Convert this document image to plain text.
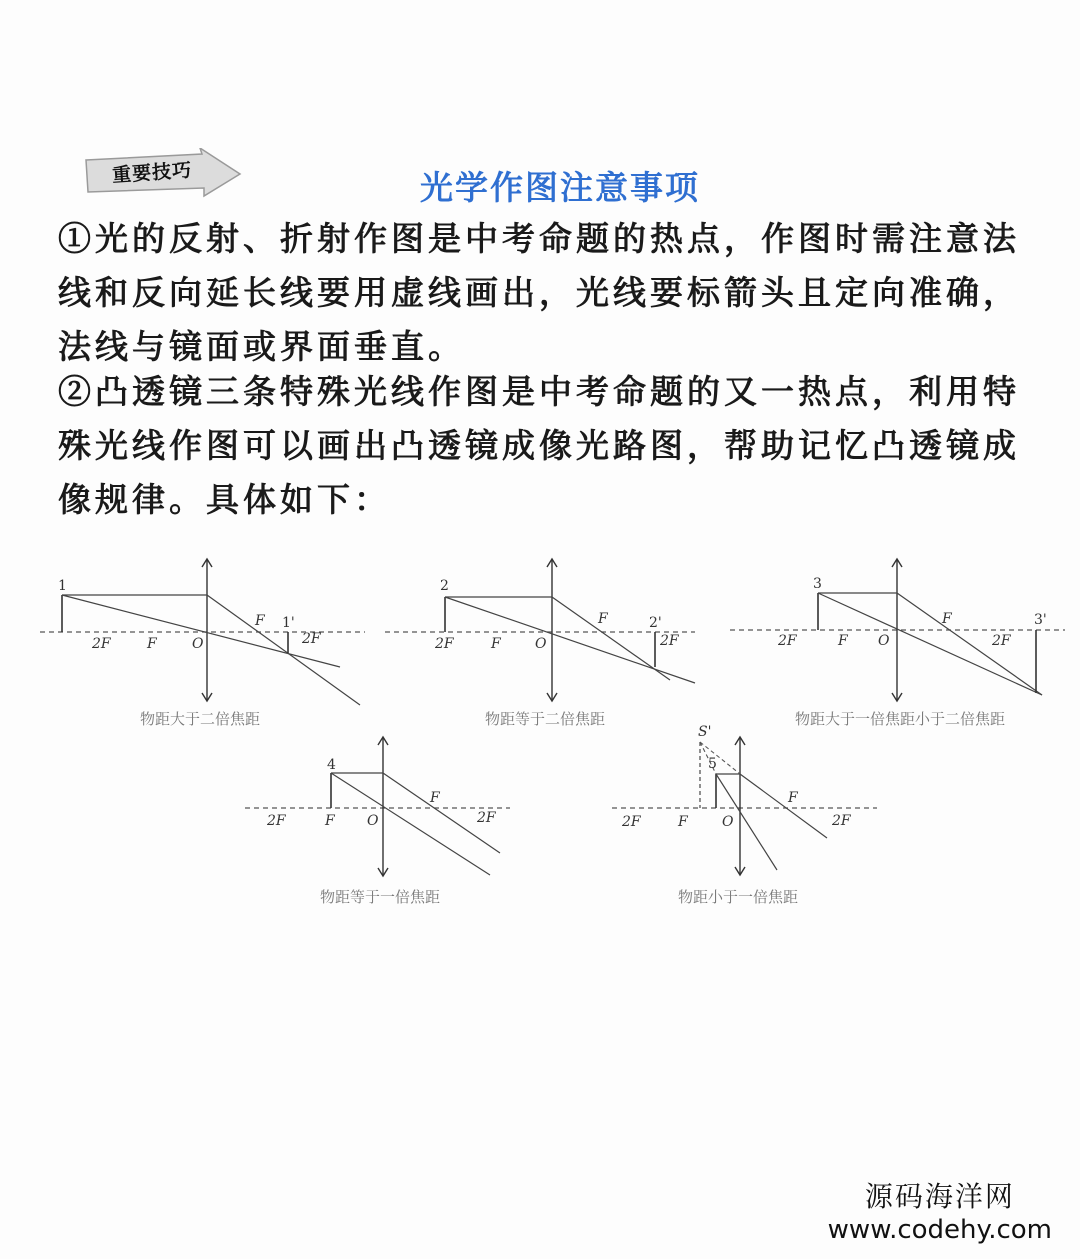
重要技巧	光学作图注意事项
①光的反射、折射作图是中考命题的热点，作图时需注意法线和反向延长线要用虚线画出，光线要标箭头且定向准确，法线与镜面或界面垂直。
②凸透镜三条特殊光线作图是中考命题的又一热点，利用特殊光线作图可以画出凸透镜成像光路图，帮助记忆凸透镜成像规律。具体如下：
1
1'
2F	F	O
F
2F
物距大于二倍焦距
2
2'
2F	F O
F
2F
物距等于二倍焦距
3
3'
2F	F O
F
2F
物距大于一倍焦距小于二倍焦距
4
2F	F O
F
2F
物距等于一倍焦距
S'
5
2F	F O
F
2F
物距小于一倍焦距
源码海洋网
www.codehy.com
